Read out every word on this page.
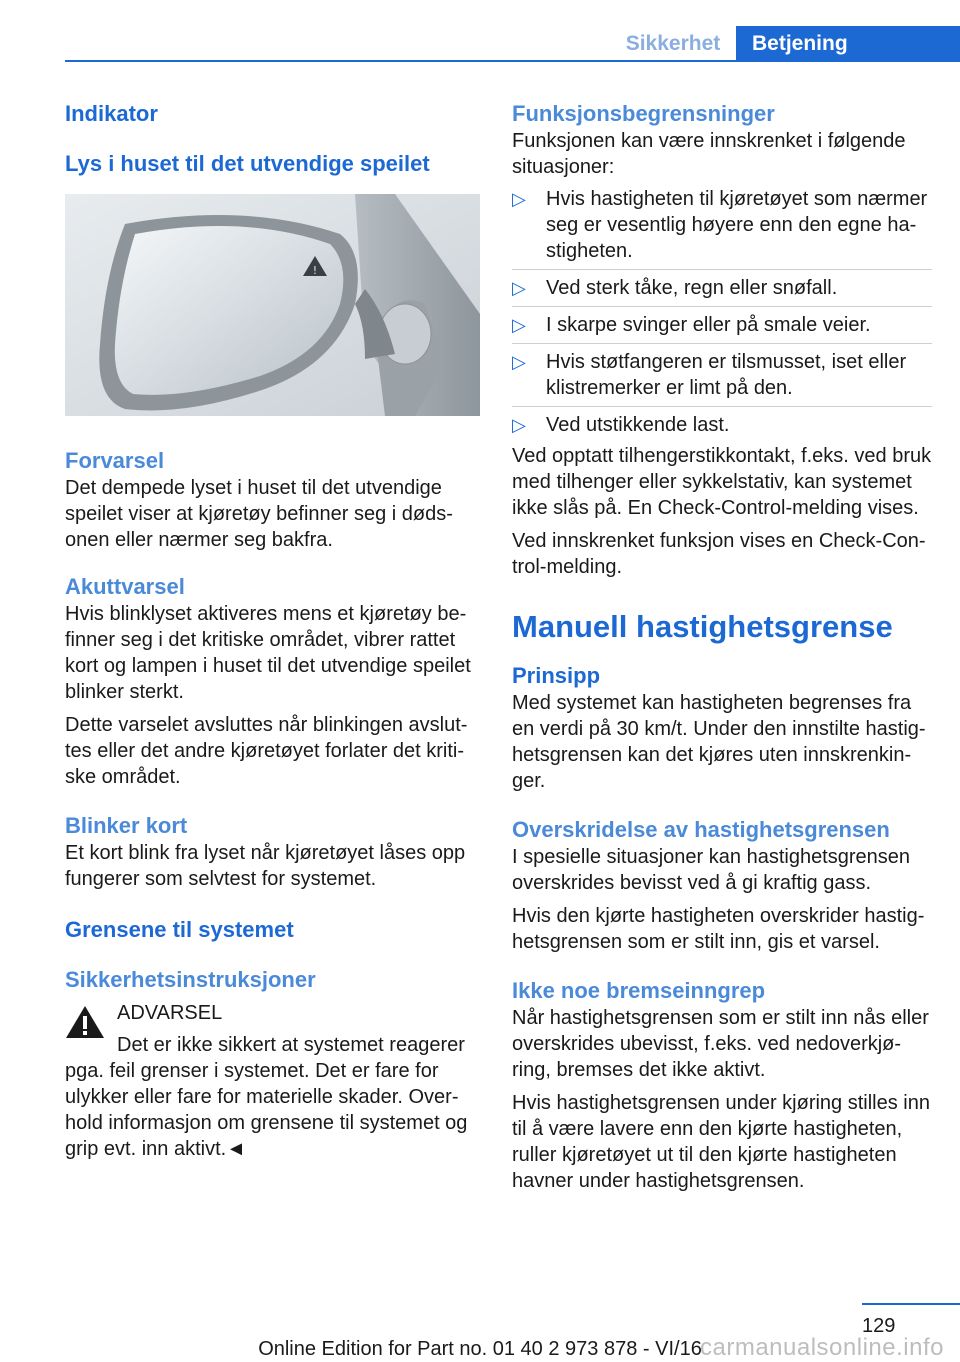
Sikkerhet	Betjening
Indikator
Lys i huset til det utvendige speilet
!
Forvarsel

Det dempede lyset i huset til det utvendige speilet viser at kjøretøy befinner seg i dødsonen eller nærmer seg bakfra.

Akuttvarsel

Hvis blinklyset aktiveres mens et kjøretøy befinner seg i det kritiske området, vibrer rattet kort og lampen i huset til det utvendige speilet blinker sterkt.

Dette varselet avsluttes når blinkingen avsluttes eller det andre kjøretøyet forlater det kritiske området.

Blinker kort

Et kort blink fra lyset når kjøretøyet låses opp fungerer som selvtest for systemet.

Grensene til systemet
Sikkerhetsinstruksjoner
ADVARSEL

Det er ikke sikkert at systemet reagerer pga. feil grenser i systemet. Det er fare for ulykker eller fare for materielle skader. Overhold informasjon om grensene til systemet og grip evt. inn aktivt.◄

Funksjonsbegrensninger

Funksjonen kan være innskrenket i følgende situasjoner:

▷ Hvis hastigheten til kjøretøyet som nærmer seg er vesentlig høyere enn den egne hastigheten.
▷ Ved sterk tåke, regn eller snøfall.
▷ I skarpe svinger eller på smale veier.
▷ Hvis støtfangeren er tilsmusset, iset eller klistremerker er limt på den.
▷ Ved utstikkende last.

Ved opptatt tilhengerstikkontakt, f.eks. ved bruk med tilhenger eller sykkelstativ, kan systemet ikke slås på. En Check-Control-melding vises.

Ved innskrenket funksjon vises en Check-Control-melding.

Manuell hastighetsgrense
Prinsipp

Med systemet kan hastigheten begrenses fra en verdi på 30 km/t. Under den innstilte hastighetsgrensen kan det kjøres uten innskrenkinger.

Overskridelse av hastighetsgrensen

I spesielle situasjoner kan hastighetsgrensen overskrides bevisst ved å gi kraftig gass.

Hvis den kjørte hastigheten overskrider hastighetsgrensen som er stilt inn, gis et varsel.

Ikke noe bremseinngrep

Når hastighetsgrensen som er stilt inn nås eller overskrides ubevisst, f.eks. ved nedoverkjøring, bremses det ikke aktivt.

Hvis hastighetsgrensen under kjøring stilles inn til å være lavere enn den kjørte hastigheten, ruller kjøretøyet ut til den kjørte hastigheten havner under hastighetsgrensen.

129
Online Edition for Part no. 01 40 2 973 878 - VI/16
carmanualsonline.info
